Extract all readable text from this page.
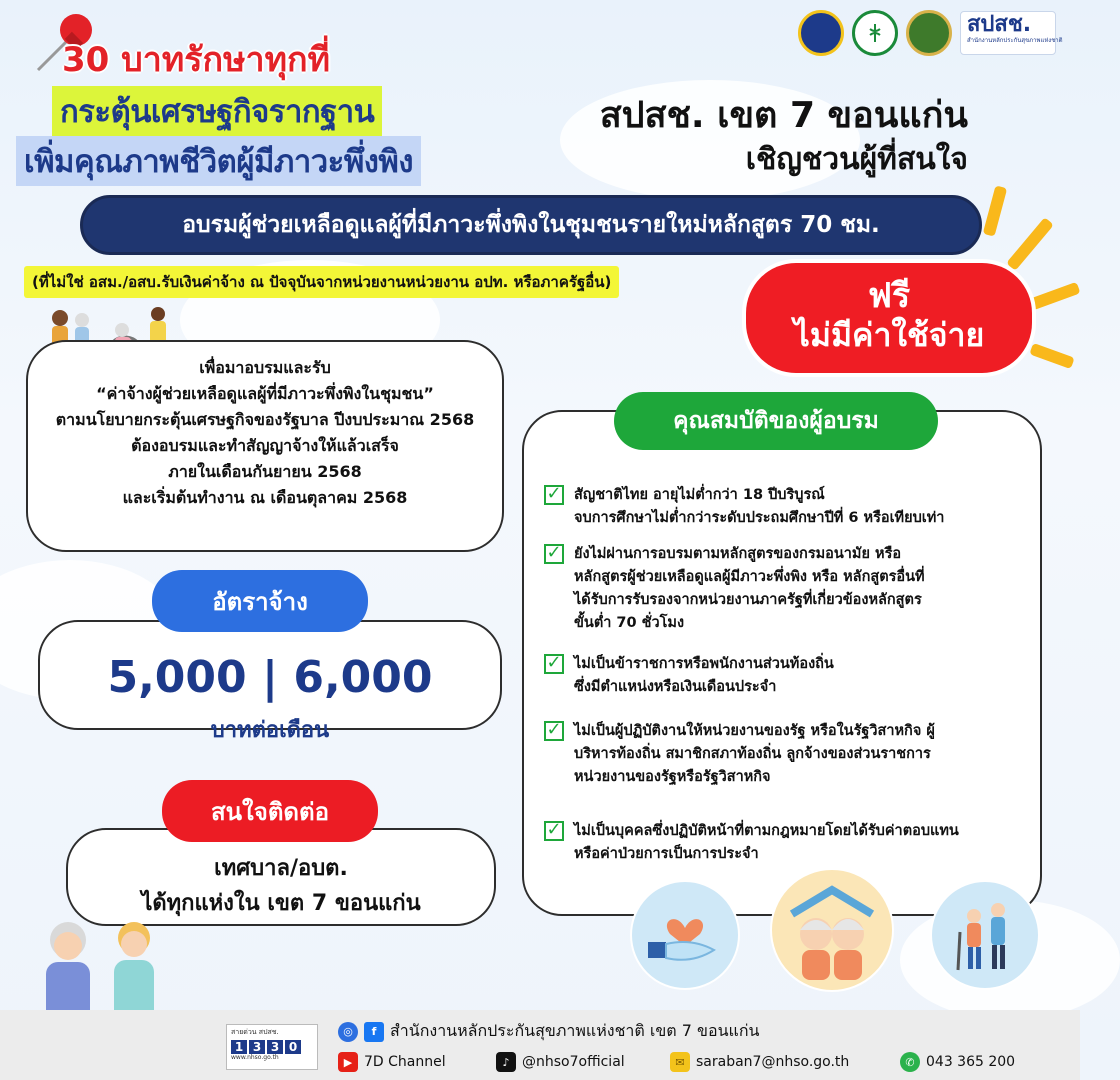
30 บาทรักษาทุกที่
กระตุ้นเศรษฐกิจรากฐาน
เพิ่มคุณภาพชีวิตผู้มีภาวะพึ่งพิง
สปสช. เขต 7 ขอนแก่น
เชิญชวนผู้ที่สนใจ
สปสช.
สำนักงานหลักประกันสุขภาพแห่งชาติ
อบรมผู้ช่วยเหลือดูแลผู้ที่มีภาวะพึ่งพิงในชุมชนรายใหม่หลักสูตร 70 ชม.
(ที่ไม่ใช่ อสม./อสบ.รับเงินค่าจ้าง ณ ปัจจุบันจากหน่วยงานหน่วยงาน อปท. หรือภาครัฐอื่น)	ฟรี
ไม่มีค่าใช้จ่าย
เพื่อมาอบรมและรับ
“ค่าจ้างผู้ช่วยเหลือดูแลผู้ที่มีภาวะพึ่งพิงในชุมชน”
ตามนโยบายกระตุ้นเศรษฐกิจของรัฐบาล ปีงบประมาณ 2568
ต้องอบรมและทำสัญญาจ้างให้แล้วเสร็จ
ภายในเดือนกันยายน 2568
และเริ่มต้นทำงาน ณ เดือนตุลาคม 2568
อัตราจ้าง
5,000 | 6,000
บาทต่อเดือน
สนใจติดต่อ
เทศบาล/อบต.
ได้ทุกแห่งใน เขต 7 ขอนแก่น
คุณสมบัติของผู้อบรม
✓ สัญชาติไทย อายุไม่ต่ำกว่า 18 ปีบริบูรณ์
จบการศึกษาไม่ต่ำกว่าระดับประถมศึกษาปีที่ 6 หรือเทียบเท่า
✓ ยังไม่ผ่านการอบรมตามหลักสูตรของกรมอนามัย หรือ
หลักสูตรผู้ช่วยเหลือดูแลผู้มีภาวะพึ่งพิง หรือ หลักสูตรอื่นที่
ได้รับการรับรองจากหน่วยงานภาครัฐที่เกี่ยวข้องหลักสูตร
ขั้นต่ำ 70 ชั่วโมง
✓ ไม่เป็นข้าราชการหรือพนักงานส่วนท้องถิ่น
ซึ่งมีตำแหน่งหรือเงินเดือนประจำ
✓ ไม่เป็นผู้ปฏิบัติงานให้หน่วยงานของรัฐ หรือในรัฐวิสาหกิจ ผู้
บริหารท้องถิ่น สมาชิกสภาท้องถิ่น ลูกจ้างของส่วนราชการ
หน่วยงานของรัฐหรือรัฐวิสาหกิจ
✓ ไม่เป็นบุคคลซึ่งปฏิบัติหน้าที่ตามกฎหมายโดยได้รับค่าตอบแทน
หรือค่าป่วยการเป็นการประจำ
สายด่วน สปสช.
1 3 3 0
www.nhso.go.th
◎	f สำนักงานหลักประกันสุขภาพแห่งชาติ เขต 7 ขอนแก่น
▶ 7D Channel	♪ @nhso7official	✉ saraban7@nhso.go.th	✆ 043 365 200
